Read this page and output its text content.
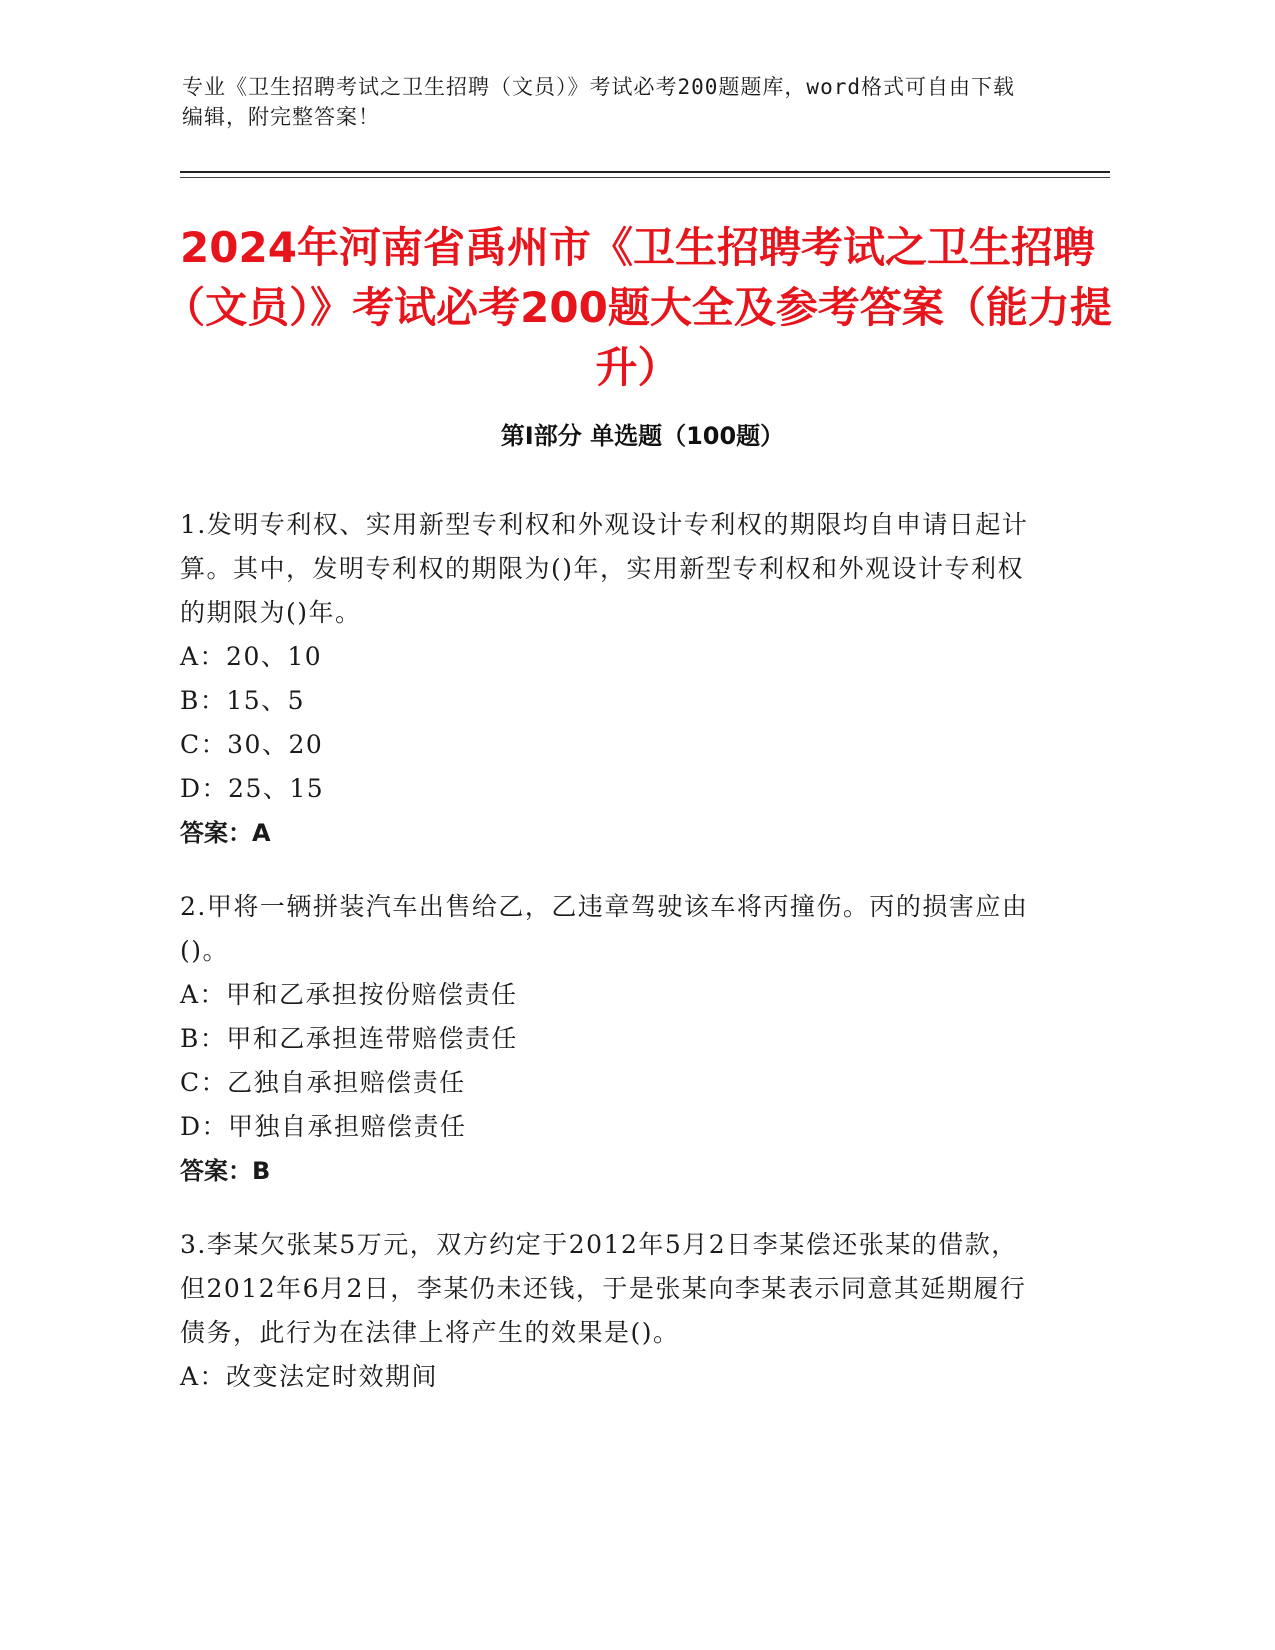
专业《卫生招聘考试之卫生招聘（文员）》考试必考200题题库，word格式可自由下载编辑，附完整答案！
2024年河南省禹州市《卫生招聘考试之卫生招聘（文员）》考试必考200题大全及参考答案（能力提升）
第I部分 单选题（100题）
1.发明专利权、实用新型专利权和外观设计专利权的期限均自申请日起计算。其中，发明专利权的期限为()年，实用新型专利权和外观设计专利权的期限为()年。
A：20、10
B：15、5
C：30、20
D：25、15
答案：A
2.甲将一辆拼装汽车出售给乙，乙违章驾驶该车将丙撞伤。丙的损害应由()。
A：甲和乙承担按份赔偿责任
B：甲和乙承担连带赔偿责任
C：乙独自承担赔偿责任
D：甲独自承担赔偿责任
答案：B
3.李某欠张某5万元，双方约定于2012年5月2日李某偿还张某的借款，但2012年6月2日，李某仍未还钱，于是张某向李某表示同意其延期履行债务，此行为在法律上将产生的效果是()。
A：改变法定时效期间
